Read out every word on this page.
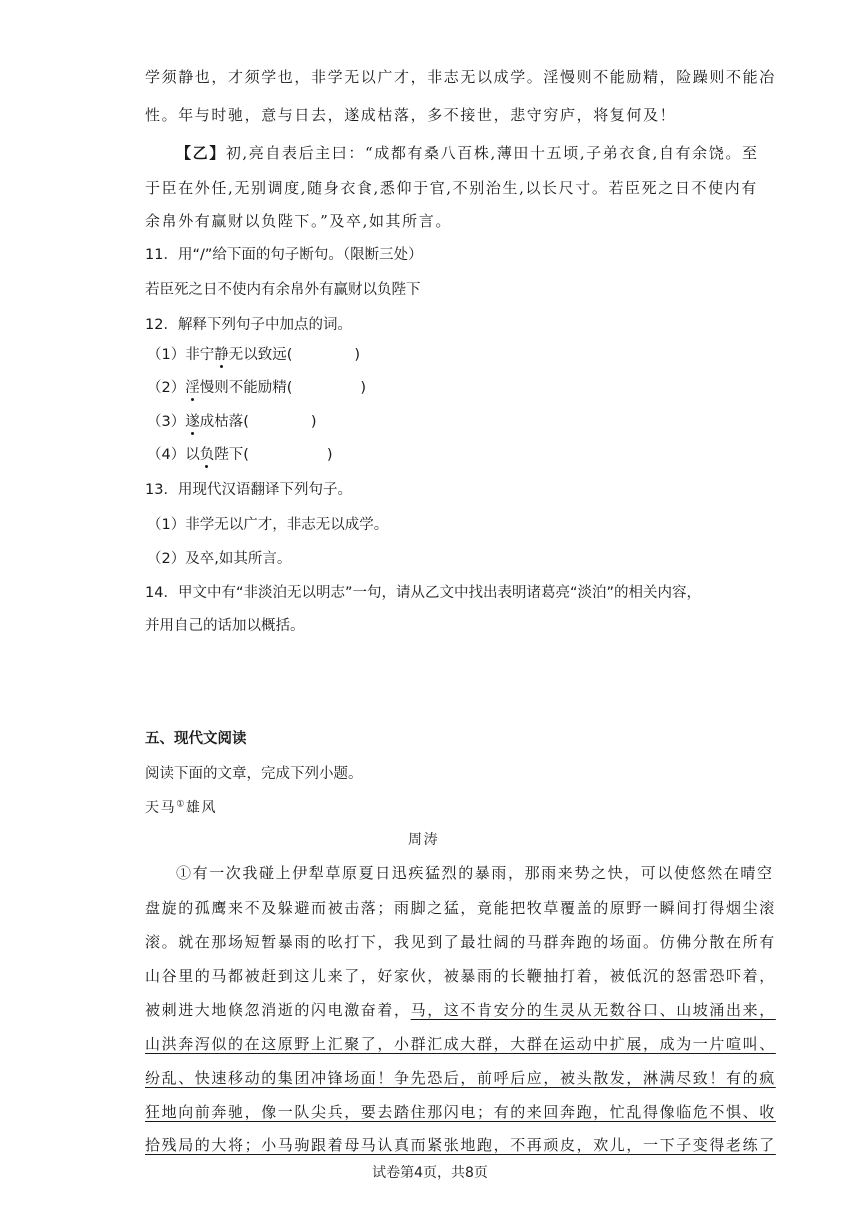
学须静也，才须学也，非学无以广才，非志无以成学。淫慢则不能励精，险躁则不能冶
性。年与时驰，意与日去，遂成枯落，多不接世，悲守穷庐，将复何及！
【乙】初,亮自表后主曰：“成都有桑八百株,薄田十五顷,子弟衣食,自有余饶。至
于臣在外任,无别调度,随身衣食,悉仰于官,不别治生,以长尺寸。若臣死之日不使内有
余帛外有赢财以负陛下。”及卒,如其所言。
11．用“/”给下面的句子断句。（限断三处）
若臣死之日不使内有余帛外有赢财以负陛下
12．解释下列句子中加点的词。
（1）非宁静无以致远(	)
（2）淫慢则不能励精(	)
（3）遂成枯落(	)
（4）以负陛下(	)
13．用现代汉语翻译下列句子。
（1）非学无以广才，非志无以成学。
（2）及卒,如其所言。
14．甲文中有“非淡泊无以明志”一句，请从乙文中找出表明诸葛亮“淡泊”的相关内容，
并用自己的话加以概括。
五、现代文阅读
阅读下面的文章，完成下列小题。
天马①雄风
周涛
①有一次我碰上伊犁草原夏日迅疾猛烈的暴雨，那雨来势之快，可以使悠然在晴空
盘旋的孤鹰来不及躲避而被击落；雨脚之猛，竟能把牧草覆盖的原野一瞬间打得烟尘滚
滚。就在那场短暂暴雨的吆打下，我见到了最壮阔的马群奔跑的场面。仿佛分散在所有
山谷里的马都被赶到这儿来了，好家伙，被暴雨的长鞭抽打着，被低沉的怒雷恐吓着，
被刺进大地倏忽消逝的闪电激奋着，马，这不肯安分的生灵从无数谷口、山坡涌出来，
山洪奔泻似的在这原野上汇聚了，小群汇成大群，大群在运动中扩展，成为一片喧叫、
纷乱、快速移动的集团冲锋场面！争先恐后，前呼后应，被头散发，淋满尽致！有的疯
狂地向前奔驰，像一队尖兵，要去踏住那闪电；有的来回奔跑，忙乱得像临危不惧、收
拾残局的大将；小马驹跟着母马认真而紧张地跑，不再顽皮，欢儿，一下子变得老练了
试卷第4页，共8页
